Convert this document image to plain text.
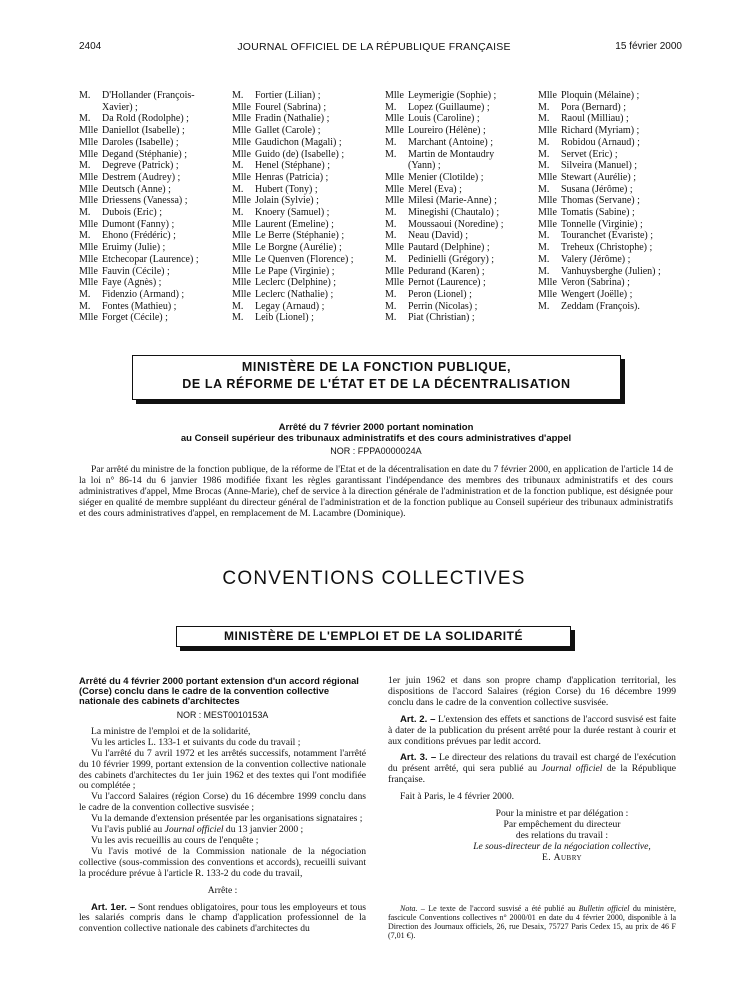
2404	JOURNAL OFFICIEL DE LA RÉPUBLIQUE FRANÇAISE	15 février 2000
M.	D'Hollander (François-
Xavier) ;
M.	Da Rold (Rodolphe) ;
Mlle Daniellot (Isabelle) ;
Mlle Daroles (Isabelle) ;
Mlle Degand (Stéphanie) ;
M.	Degreve (Patrick) ;
Mlle Destrem (Audrey) ;
Mlle Deutsch (Anne) ;
Mlle Driessens (Vanessa) ;
M.	Dubois (Eric) ;
Mlle Dumont (Fanny) ;
M.	Ehono (Frédéric) ;
Mlle Eruimy (Julie) ;
Mlle Etchecopar (Laurence) ;
Mlle Fauvin (Cécile) ;
Mlle Faye (Agnès) ;
M.	Fidenzio (Armand) ;
M.	Fontes (Mathieu) ;
Mlle Forget (Cécile) ;
M.	Fortier (Lilian) ;
Mlle Fourel (Sabrina) ;
Mlle Fradin (Nathalie) ;
Mlle Gallet (Carole) ;
Mlle Gaudichon (Magali) ;
Mlle Guido (de) (Isabelle) ;
M.	Henel (Stéphane) ;
Mlle Henras (Patricia) ;
M.	Hubert (Tony) ;
Mlle Jolain (Sylvie) ;
M.	Knoery (Samuel) ;
Mlle Laurent (Emeline) ;
Mlle Le Berre (Stéphanie) ;
Mlle Le Borgne (Aurélie) ;
Mlle Le Quenven (Florence) ;
Mlle Le Pape (Virginie) ;
Mlle Leclerc (Delphine) ;
Mlle Leclerc (Nathalie) ;
M.	Legay (Arnaud) ;
M.	Leib (Lionel) ;
Mlle Leymerigie (Sophie) ;
M.	Lopez (Guillaume) ;
Mlle Louis (Caroline) ;
Mlle Loureiro (Hélène) ;
M.	Marchant (Antoine) ;
M.	Martin de Montaudry
(Yann) ;
Mlle Menier (Clotilde) ;
Mlle Merel (Eva) ;
Mlle Milesi (Marie-Anne) ;
M.	Minegishi (Chautalo) ;
M.	Moussaoui (Noredine) ;
M.	Neau (David) ;
Mlle Pautard (Delphine) ;
M.	Pedinielli (Grégory) ;
Mlle Pedurand (Karen) ;
Mlle Pernot (Laurence) ;
M.	Peron (Lionel) ;
M.	Perrin (Nicolas) ;
M.	Piat (Christian) ;
Mlle Ploquin (Mélaine) ;
M.	Pora (Bernard) ;
M.	Raoul (Milliau) ;
Mlle Richard (Myriam) ;
M.	Robidou (Arnaud) ;
M.	Servet (Eric) ;
M.	Silveira (Manuel) ;
Mlle Stewart (Aurélie) ;
M.	Susana (Jérôme) ;
Mlle Thomas (Servane) ;
Mlle Tomatis (Sabine) ;
Mlle Tonnelle (Virginie) ;
M.	Touranchet (Evariste) ;
M.	Treheux (Christophe) ;
M.	Valery (Jérôme) ;
M.	Vanhuysberghe (Julien) ;
Mlle Veron (Sabrina) ;
Mlle Wengert (Joëlle) ;
M.	Zeddam (François).
MINISTÈRE DE LA FONCTION PUBLIQUE,
DE LA RÉFORME DE L'ÉTAT ET DE LA DÉCENTRALISATION
Arrêté du 7 février 2000 portant nomination
au Conseil supérieur des tribunaux administratifs et des cours administratives d'appel
NOR : FPPA0000024A
Par arrêté du ministre de la fonction publique, de la réforme de l'Etat et de la décentralisation en date du 7 février 2000, en application de l'article 14 de la loi n° 86-14 du 6 janvier 1986 modifiée fixant les règles garantissant l'indépendance des membres des tribunaux administratifs et des cours administratives d'appel, Mme Brocas (Anne-Marie), chef de service à la direction générale de l'administration et de la fonction publique, est désignée pour siéger en qualité de membre suppléant du directeur général de l'administration et de la fonction publique au Conseil supérieur des tribunaux administratifs et des cours administratives d'appel, en remplacement de M. Lacambre (Dominique).
CONVENTIONS COLLECTIVES
MINISTÈRE DE L'EMPLOI ET DE LA SOLIDARITÉ
Arrêté du 4 février 2000 portant extension d'un accord régional (Corse) conclu dans le cadre de la convention collective nationale des cabinets d'architectes
NOR : MEST0010153A

La ministre de l'emploi et de la solidarité,

Vu les articles L. 133-1 et suivants du code du travail ;

Vu l'arrêté du 7 avril 1972 et les arrêtés successifs, notamment l'arrêté du 10 février 1999, portant extension de la convention collective nationale des cabinets d'architectes du 1er juin 1962 et des textes qui l'ont modifiée ou complétée ;

Vu l'accord Salaires (région Corse) du 16 décembre 1999 conclu dans le cadre de la convention collective susvisée ;

Vu la demande d'extension présentée par les organisations signataires ;

Vu l'avis publié au Journal officiel du 13 janvier 2000 ;

Vu les avis recueillis au cours de l'enquête ;

Vu l'avis motivé de la Commission nationale de la négociation collective (sous-commission des conventions et accords), recueilli suivant la procédure prévue à l'article R. 133-2 du code du travail,

Arrête :

Art. 1er. – Sont rendues obligatoires, pour tous les employeurs et tous les salariés compris dans le champ d'application professionnel de la convention collective nationale des cabinets d'architectes du

1er juin 1962 et dans son propre champ d'application territorial, les dispositions de l'accord Salaires (région Corse) du 16 décembre 1999 conclu dans le cadre de la convention collective susvisée.

Art. 2. – L'extension des effets et sanctions de l'accord susvisé est faite à dater de la publication du présent arrêté pour la durée restant à courir et aux conditions prévues par ledit accord.

Art. 3. – Le directeur des relations du travail est chargé de l'exécution du présent arrêté, qui sera publié au Journal officiel de la République française.

Fait à Paris, le 4 février 2000.

Pour la ministre et par délégation :
Par empêchement du directeur
des relations du travail :
Le sous-directeur de la négociation collective,
E. Aubry

Nota. – Le texte de l'accord susvisé a été publié au Bulletin officiel du ministère, fascicule Conventions collectives n° 2000/01 en date du 4 février 2000, disponible à la Direction des Journaux officiels, 26, rue Desaix, 75727 Paris Cedex 15, au prix de 46 F (7,01 €).
